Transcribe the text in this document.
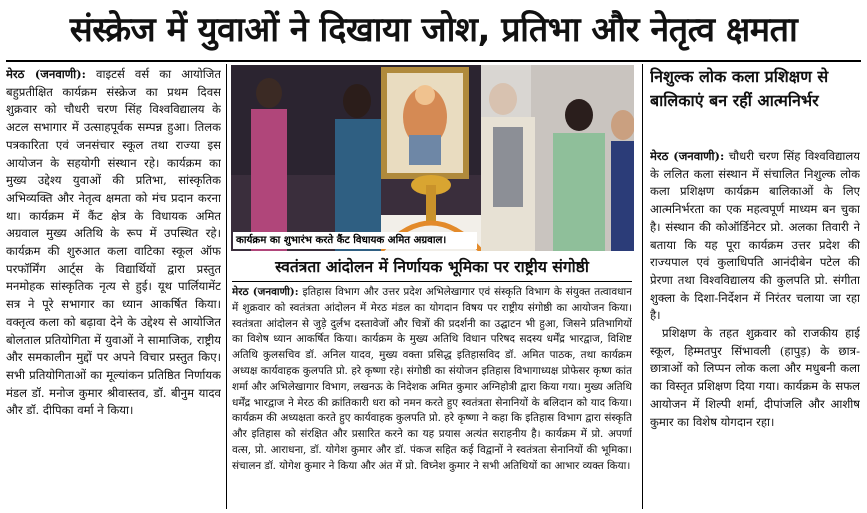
संस्क्रेज में युवाओं ने दिखाया जोश, प्रतिभा और नेतृत्व क्षमता

मेरठ (जनवाणी): वाइटर्स वर्स का आयोजित बहुप्रतीक्षित कार्यक्रम संस्क्रेज का प्रथम दिवस शुक्रवार को चौधरी चरण सिंह विश्वविद्यालय के अटल सभागार में उत्साहपूर्वक सम्पन्न हुआ। तिलक पत्रकारिता एवं जनसंचार स्कूल तथा राज्या इस आयोजन के सहयोगी संस्थान रहे। कार्यक्रम का मुख्य उद्देश्य युवाओं की प्रतिभा, सांस्कृतिक अभिव्यक्ति और नेतृत्व क्षमता को मंच प्रदान करना था। कार्यक्रम में कैंट क्षेत्र के विधायक अमित अग्रवाल मुख्य अतिथि के रूप में उपस्थित रहे। कार्यक्रम की शुरुआत कला वाटिका स्कूल ऑफ परफॉर्मिंग आर्ट्स के विद्यार्थियों द्वारा प्रस्तुत मनमोहक सांस्कृतिक नृत्य से हुई। यूथ पार्लियामेंट सत्र ने पूरे सभागार का ध्यान आकर्षित किया। वक्तृत्व कला को बढ़ावा देने के उद्देश्य से आयोजित बोलताल प्रतियोगिता में युवाओं ने सामाजिक, राष्ट्रीय और समकालीन मुद्दों पर अपने विचार प्रस्तुत किए। सभी प्रतियोगिताओं का मूल्यांकन प्रतिष्ठित निर्णायक मंडल डॉ. मनोज कुमार श्रीवास्तव, डॉ. बीनुम यादव और डॉ. दीपिका वर्मा ने किया।

कार्यक्रम का शुभारंभ करते कैंट विधायक अमित अग्रवाल।
स्वतंत्रता आंदोलन में निर्णायक भूमिका पर राष्ट्रीय संगोष्ठी

मेरठ (जनवाणी): इतिहास विभाग और उत्तर प्रदेश अभिलेखागार एवं संस्कृति विभाग के संयुक्त तत्वावधान में शुक्रवार को स्वतंत्रता आंदोलन में मेरठ मंडल का योगदान विषय पर राष्ट्रीय संगोष्ठी का आयोजन किया। स्वतंत्रता आंदोलन से जुड़े दुर्लभ दस्तावेजों और चित्रों की प्रदर्शनी का उद्घाटन भी हुआ, जिसने प्रतिभागियों का विशेष ध्यान आकर्षित किया। कार्यक्रम के मुख्य अतिथि विधान परिषद सदस्य धर्मेंद्र भारद्वाज, विशिष्ट अतिथि कुलसचिव डॉ. अनिल यादव, मुख्य वक्ता प्रसिद्ध इतिहासविद डॉ. अमित पाठक, तथा कार्यक्रम अध्यक्ष कार्यवाहक कुलपति प्रो. हरे कृष्णा रहे। संगोष्ठी का संयोजन इतिहास विभागाध्यक्ष प्रोफेसर कृष्ण कांत शर्मा और अभिलेखागार विभाग, लखनऊ के निदेशक अमित कुमार अग्निहोत्री द्वारा किया गया। मुख्य अतिथि धर्मेंद्र भारद्वाज ने मेरठ की क्रांतिकारी धरा को नमन करते हुए स्वतंत्रता सेनानियों के बलिदान को याद किया। कार्यक्रम की अध्यक्षता करते हुए कार्यवाहक कुलपति प्रो. हरे कृष्णा ने कहा कि इतिहास विभाग द्वारा संस्कृति और इतिहास को संरक्षित और प्रसारित करने का यह प्रयास अत्यंत सराहनीय है। कार्यक्रम में प्रो. अपर्णा वत्स, प्रो. आराधना, डॉ. योगेश कुमार और डॉ. पंकज सहित कई विद्वानों ने स्वतंत्रता सेनानियों की भूमिका। संचालन डॉ. योगेश कुमार ने किया और अंत में प्रो. विघ्नेश कुमार ने सभी अतिथियों का आभार व्यक्त किया।

निशुल्क लोक कला प्रशिक्षण से बालिकाएं बन रहीं आत्मनिर्भर

मेरठ (जनवाणी): चौधरी चरण सिंह विश्वविद्यालय के ललित कला संस्थान में संचालित निशुल्क लोक कला प्रशिक्षण कार्यक्रम बालिकाओं के लिए आत्मनिर्भरता का एक महत्वपूर्ण माध्यम बन चुका है। संस्थान की कोऑर्डिनेटर प्रो. अलका तिवारी ने बताया कि यह पूरा कार्यक्रम उत्तर प्रदेश की राज्यपाल एवं कुलाधिपति आनंदीबेन पटेल की प्रेरणा तथा विश्वविद्यालय की कुलपति प्रो. संगीता शुक्ला के दिशा-निर्देशन में निरंतर चलाया जा रहा है।

प्रशिक्षण के तहत शुक्रवार को राजकीय हाई स्कूल, हिम्मतपुर सिंभावली (हापुड़) के छात्र-छात्राओं को लिप्पन लोक कला और मधुबनी कला का विस्तृत प्रशिक्षण दिया गया। कार्यक्रम के सफल आयोजन में शिल्पी शर्मा, दीपांजलि और आशीष कुमार का विशेष योगदान रहा।
